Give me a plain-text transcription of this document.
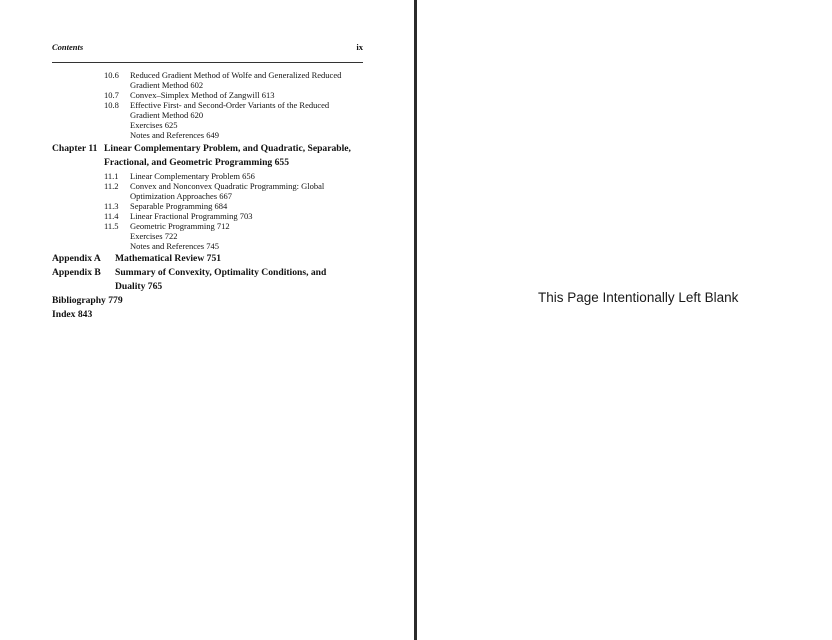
Contents	ix
10.6 Reduced Gradient Method of Wolfe and Generalized Reduced
Gradient Method 602
10.7 Convex–Simplex Method of Zangwill 613
10.8 Effective First- and Second-Order Variants of the Reduced
Gradient Method 620
Exercises 625
Notes and References 649
Chapter 11 Linear Complementary Problem, and Quadratic, Separable,
Fractional, and Geometric Programming 655
11.1 Linear Complementary Problem 656
11.2 Convex and Nonconvex Quadratic Programming: Global
Optimization Approaches 667
11.3 Separable Programming 684
11.4 Linear Fractional Programming 703
11.5 Geometric Programming 712
Exercises 722
Notes and References 745
Appendix A Mathematical Review 751
Appendix B Summary of Convexity, Optimality Conditions, and
Duality 765
Bibliography 779
Index 843
This Page Intentionally Left Blank
